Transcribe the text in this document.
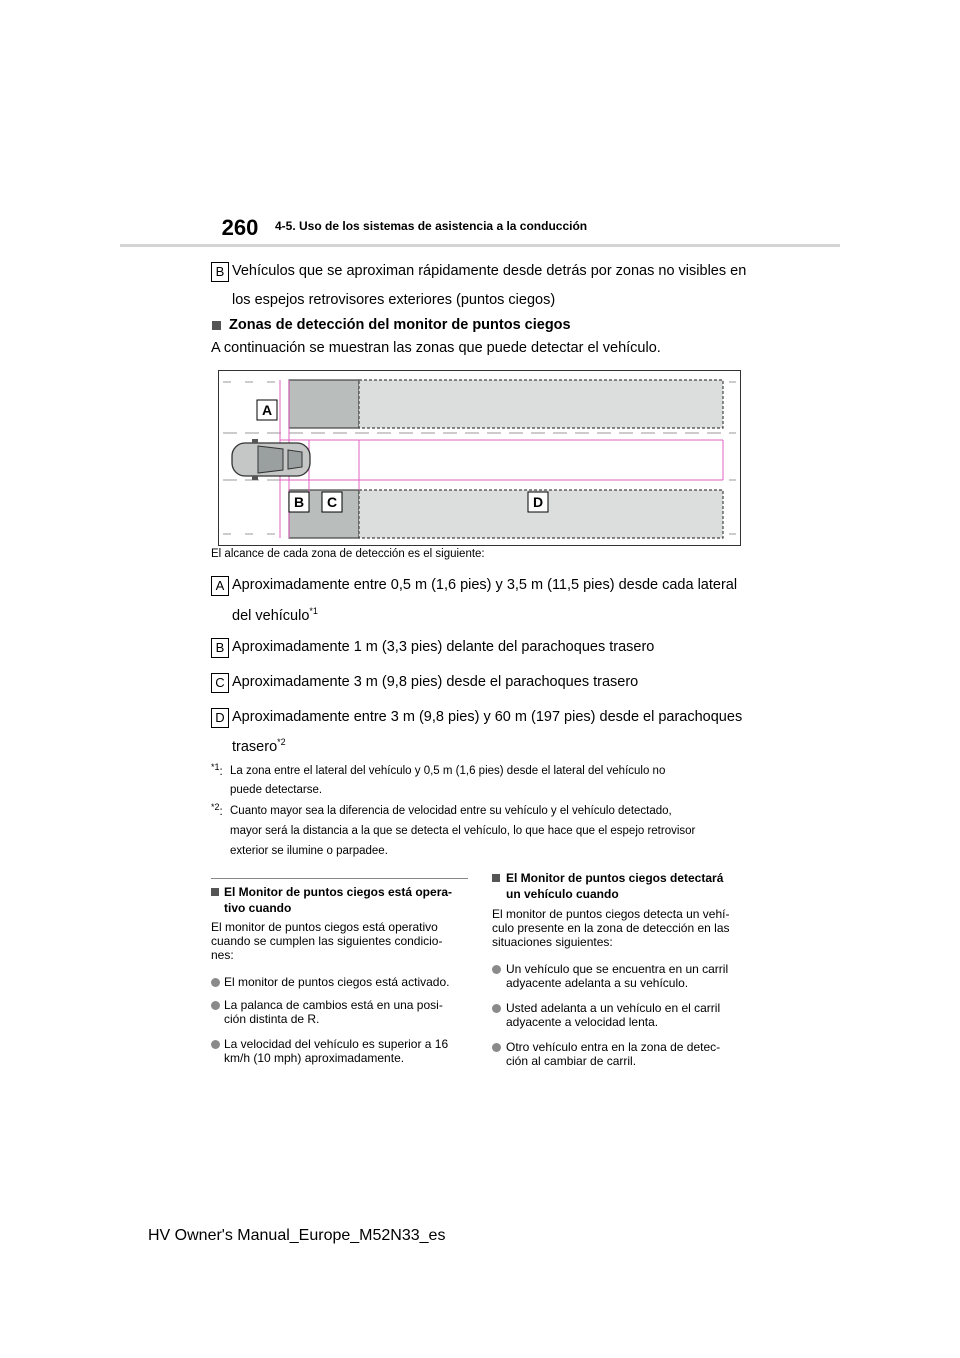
260 4-5. Uso de los sistemas de asistencia a la conducción
B Vehículos que se aproximan rápidamente desde detrás por zonas no visibles en
los espejos retrovisores exteriores (puntos ciegos)
Zonas de detección del monitor de puntos ciegos
A continuación se muestran las zonas que puede detectar el vehículo.
A
B C	D
El alcance de cada zona de detección es el siguiente:
A Aproximadamente entre 0,5 m (1,6 pies) y 3,5 m (11,5 pies) desde cada lateral
del vehículo$^{*1}$
B Aproximadamente 1 m (3,3 pies) delante del parachoques trasero
C Aproximadamente 3 m (9,8 pies) desde el parachoques trasero
D Aproximadamente entre 3 m (9,8 pies) y 60 m (197 pies) desde el parachoques
trasero$^{*2}$
$^{*1}$: La zona entre el lateral del vehículo y 0,5 m (1,6 pies) desde el lateral del vehículo no
puede detectarse.
$^{*2}$: Cuanto mayor sea la diferencia de velocidad entre su vehículo y el vehículo detectado,
mayor será la distancia a la que se detecta el vehículo, lo que hace que el espejo retrovisor
exterior se ilumine o parpadee.
El Monitor de puntos ciegos está opera-
tivo cuando
El monitor de puntos ciegos está operativo
cuando se cumplen las siguientes condicio-
nes:
El monitor de puntos ciegos está activado.
La palanca de cambios está en una posi-
ción distinta de R.
La velocidad del vehículo es superior a 16
km/h (10 mph) aproximadamente.
El Monitor de puntos ciegos detectará
un vehículo cuando
El monitor de puntos ciegos detecta un vehí-
culo presente en la zona de detección en las
situaciones siguientes:
Un vehículo que se encuentra en un carril
adyacente adelanta a su vehículo.
Usted adelanta a un vehículo en el carril
adyacente a velocidad lenta.
Otro vehículo entra en la zona de detec-
ción al cambiar de carril.
HV Owner's Manual_Europe_M52N33_es
